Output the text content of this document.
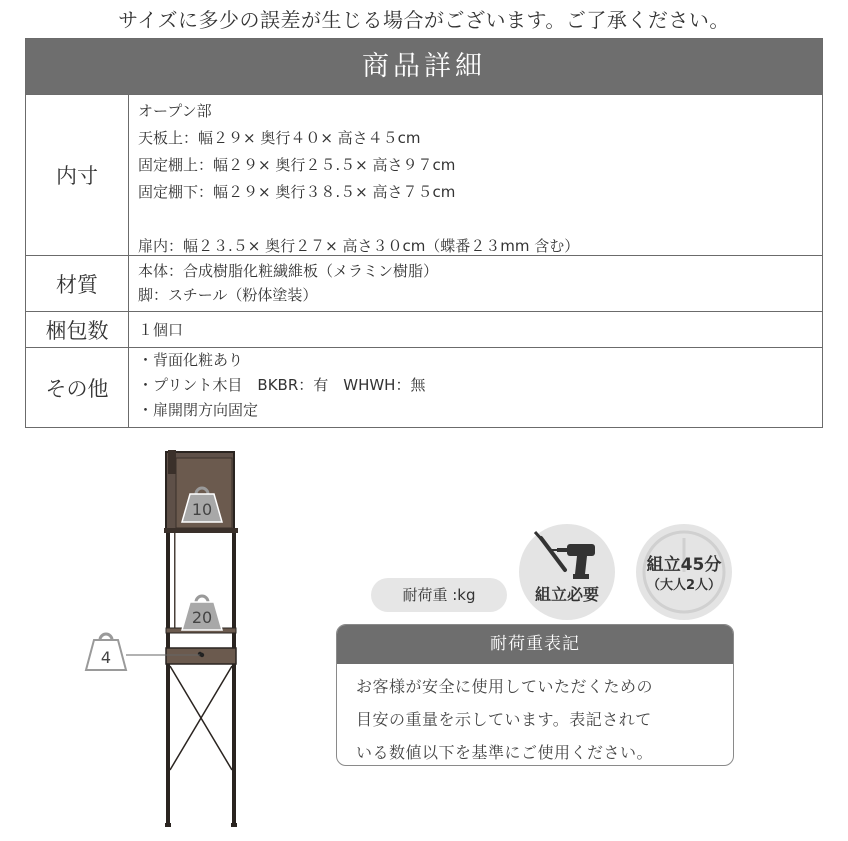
サイズに多少の誤差が生じる場合がございます。ご了承ください。
商品詳細
内寸
オープン部
天板上：幅２９× 奥行４０× 高さ４５cm
固定棚上：幅２９× 奥行２５.５× 高さ９７cm
固定棚下：幅２９× 奥行３８.５× 高さ７５cm
扉内：幅２３.５× 奥行２７× 高さ３０cm（蝶番２３mm 含む）
材質
本体：合成樹脂化粧繊維板（メラミン樹脂）
脚：スチール（粉体塗装）
梱包数	１個口
その他
・背面化粧あり
・プリント木目　BKBR：有　WHWH：無
・扉開閉方向固定
10
20
4
耐荷重 :kg	組立必要
組立45分
（大人2人）
耐荷重表記
お客様が安全に使用していただくための
目安の重量を示しています。表記されて
いる数値以下を基準にご使用ください。
